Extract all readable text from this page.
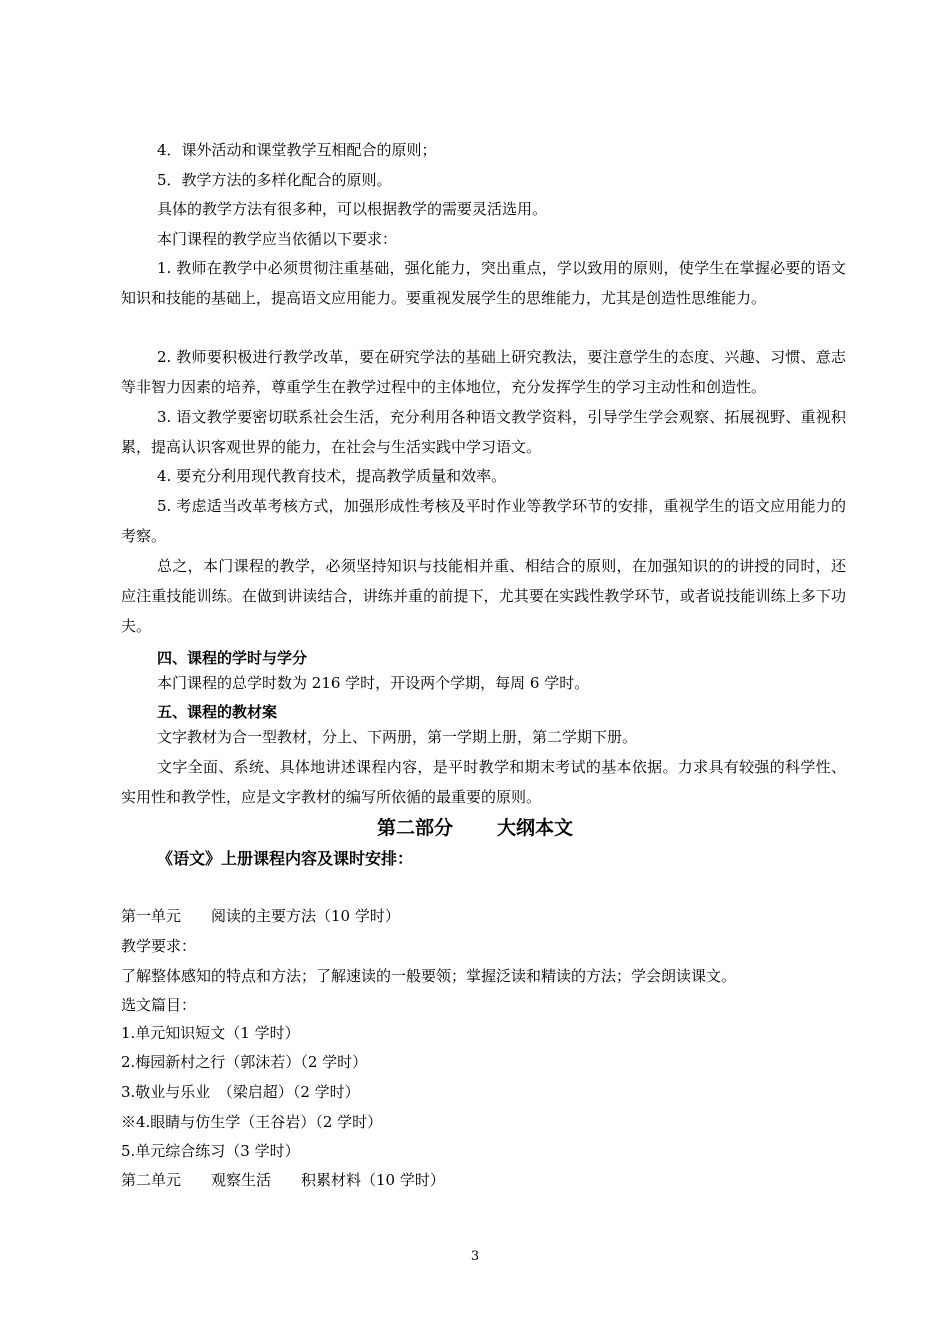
4．课外活动和课堂教学互相配合的原则；
5．教学方法的多样化配合的原则。
具体的教学方法有很多种，可以根据教学的需要灵活选用。
本门课程的教学应当依循以下要求：
1. 教师在教学中必须贯彻注重基础，强化能力，突出重点，学以致用的原则，使学生在掌握必要的语文知识和技能的基础上，提高语文应用能力。要重视发展学生的思维能力，尤其是创造性思维能力。
2. 教师要积极进行教学改革，要在研究学法的基础上研究教法，要注意学生的态度、兴趣、习惯、意志等非智力因素的培养，尊重学生在教学过程中的主体地位，充分发挥学生的学习主动性和创造性。
3. 语文教学要密切联系社会生活，充分利用各种语文教学资料，引导学生学会观察、拓展视野、重视积累，提高认识客观世界的能力，在社会与生活实践中学习语文。
4. 要充分利用现代教育技术，提高教学质量和效率。
5. 考虑适当改革考核方式，加强形成性考核及平时作业等教学环节的安排，重视学生的语文应用能力的考察。
总之，本门课程的教学，必须坚持知识与技能相并重、相结合的原则，在加强知识的的讲授的同时，还应注重技能训练。在做到讲读结合，讲练并重的前提下，尤其要在实践性教学环节，或者说技能训练上多下功夫。
四、课程的学时与学分
本门课程的总学时数为 216 学时，开设两个学期，每周 6 学时。
五、课程的教材案
文字教材为合一型教材，分上、下两册，第一学期上册，第二学期下册。
文字全面、系统、具体地讲述课程内容，是平时教学和期末考试的基本依据。力求具有较强的科学性、实用性和教学性，应是文字教材的编写所依循的最重要的原则。
第二部分 大纲本文
《语文》上册课程内容及课时安排：
第一单元　　阅读的主要方法（10 学时）
教学要求：
了解整体感知的特点和方法；了解速读的一般要领；掌握泛读和精读的方法；学会朗读课文。
选文篇目：
1.单元知识短文（1 学时）
2.梅园新村之行（郭沫若）（2 学时）
3.敬业与乐业　（梁启超）（2 学时）
※4.眼睛与仿生学（王谷岩）（2 学时）
5.单元综合练习（3 学时）
第二单元　　观察生活　　积累材料（10 学时）
3
